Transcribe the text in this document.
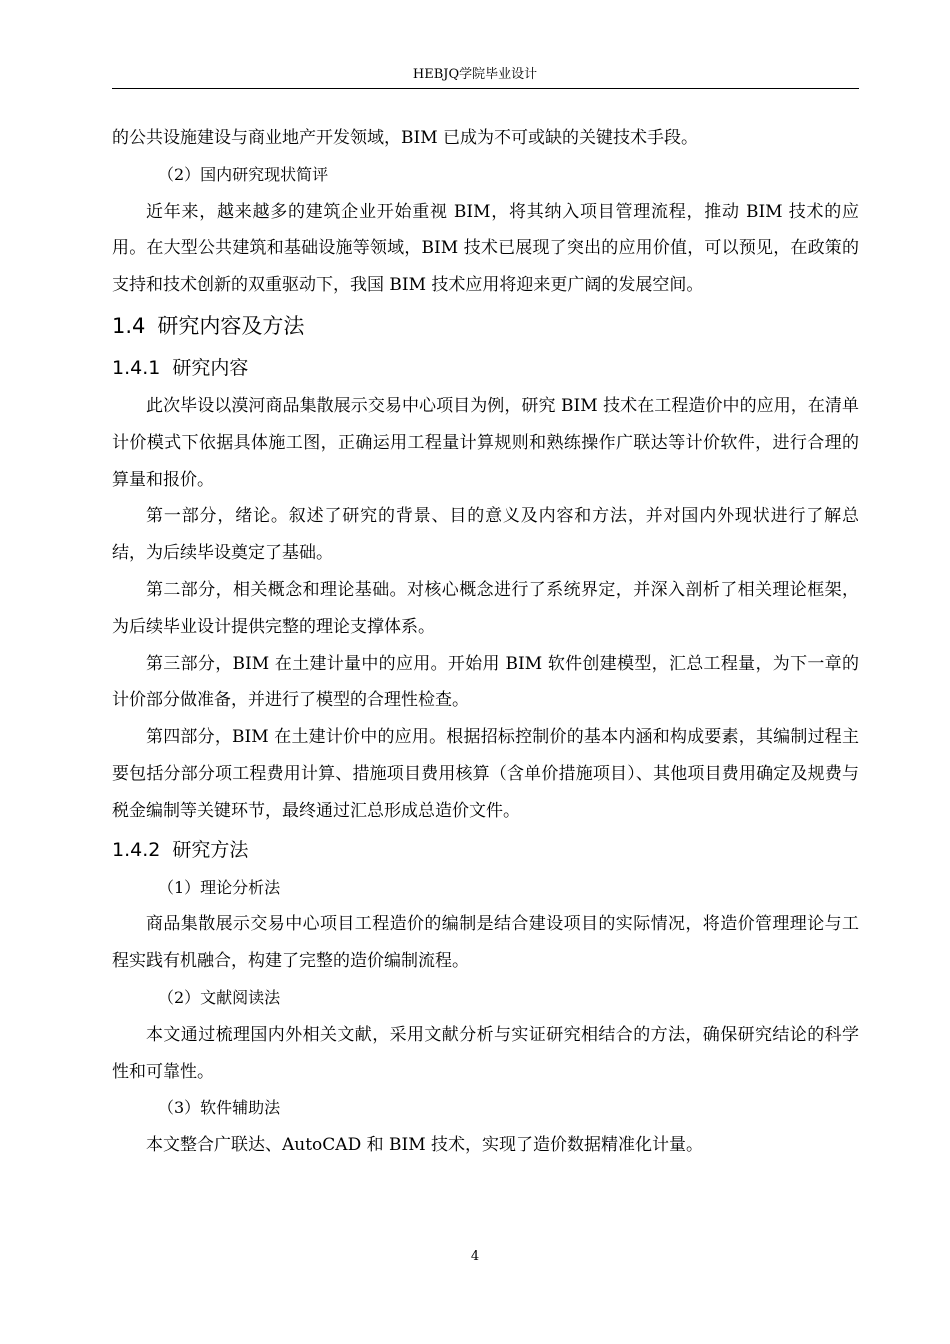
HEBJQ学院毕业设计

的公共设施建设与商业地产开发领域，BIM 已成为不可或缺的关键技术手段。

（2）国内研究现状简评

近年来，越来越多的建筑企业开始重视 BIM，将其纳入项目管理流程，推动 BIM 技术的应用。在大型公共建筑和基础设施等领域，BIM 技术已展现了突出的应用价值，可以预见，在政策的支持和技术创新的双重驱动下，我国 BIM 技术应用将迎来更广阔的发展空间。

1.4 研究内容及方法
1.4.1 研究内容

此次毕设以漠河商品集散展示交易中心项目为例，研究 BIM 技术在工程造价中的应用，在清单计价模式下依据具体施工图，正确运用工程量计算规则和熟练操作广联达等计价软件，进行合理的算量和报价。

第一部分，绪论。叙述了研究的背景、目的意义及内容和方法，并对国内外现状进行了解总结，为后续毕设奠定了基础。

第二部分，相关概念和理论基础。对核心概念进行了系统界定，并深入剖析了相关理论框架，为后续毕业设计提供完整的理论支撑体系。

第三部分，BIM 在土建计量中的应用。开始用 BIM 软件创建模型，汇总工程量，为下一章的计价部分做准备，并进行了模型的合理性检查。

第四部分，BIM 在土建计价中的应用。根据招标控制价的基本内涵和构成要素，其编制过程主要包括分部分项工程费用计算、措施项目费用核算（含单价措施项目）、其他项目费用确定及规费与税金编制等关键环节，最终通过汇总形成总造价文件。

1.4.2 研究方法

（1）理论分析法

商品集散展示交易中心项目工程造价的编制是结合建设项目的实际情况，将造价管理理论与工程实践有机融合，构建了完整的造价编制流程。

（2）文献阅读法

本文通过梳理国内外相关文献，采用文献分析与实证研究相结合的方法，确保研究结论的科学性和可靠性。

（3）软件辅助法

本文整合广联达、AutoCAD 和 BIM 技术，实现了造价数据精准化计量。

4
